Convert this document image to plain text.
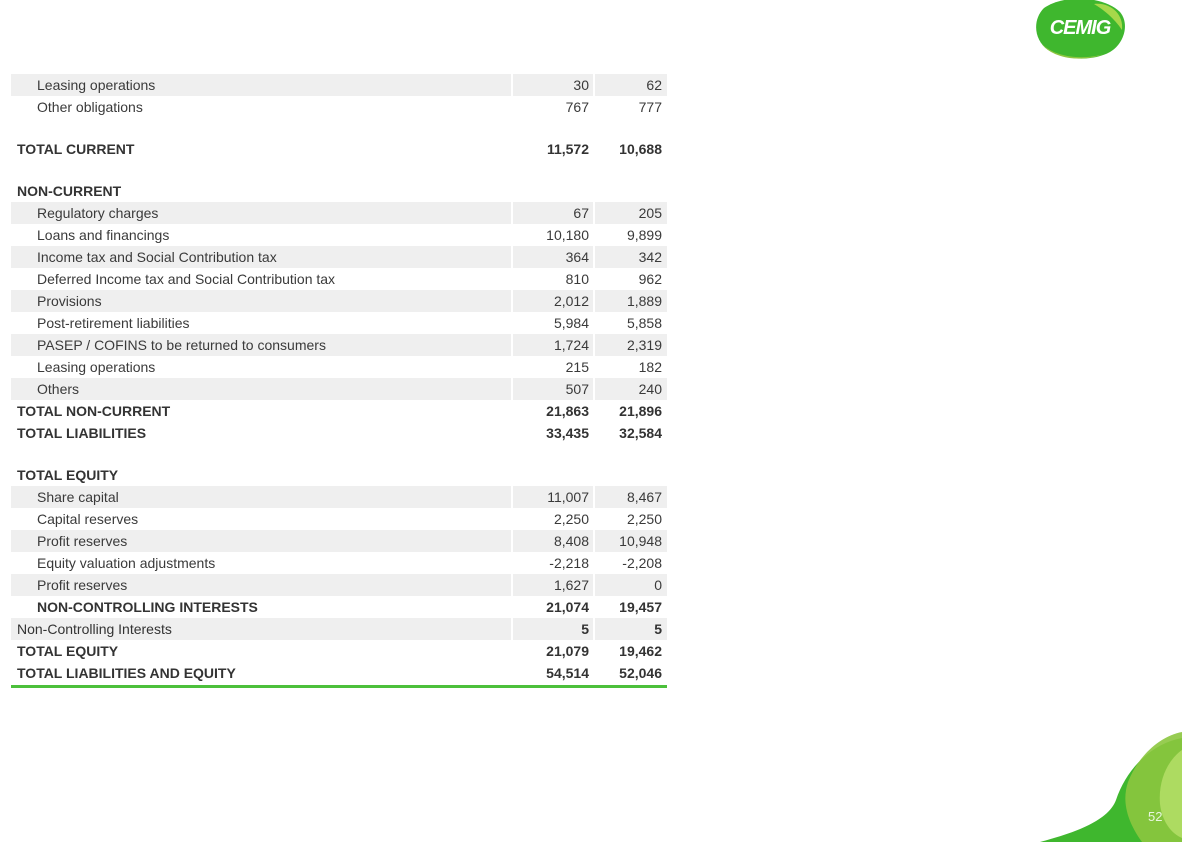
CEMIG
Leasing operations	30	62
Other obligations	767	777
TOTAL CURRENT	11,572	10,688
NON-CURRENT
Regulatory charges	67	205
Loans and financings	10,180	9,899
Income tax and Social Contribution tax	364	342
Deferred Income tax and Social Contribution tax	810	962
Provisions	2,012	1,889
Post-retirement liabilities	5,984	5,858
PASEP / COFINS to be returned to consumers	1,724	2,319
Leasing operations	215	182
Others	507	240
TOTAL NON-CURRENT	21,863	21,896
TOTAL LIABILITIES	33,435	32,584
TOTAL EQUITY
Share capital	11,007	8,467
Capital reserves	2,250	2,250
Profit reserves	8,408	10,948
Equity valuation adjustments	-2,218	-2,208
Profit reserves	1,627	0
NON-CONTROLLING INTERESTS	21,074	19,457
Non-Controlling Interests	5	5
TOTAL EQUITY	21,079	19,462
TOTAL LIABILITIES AND EQUITY	54,514	52,046
52
